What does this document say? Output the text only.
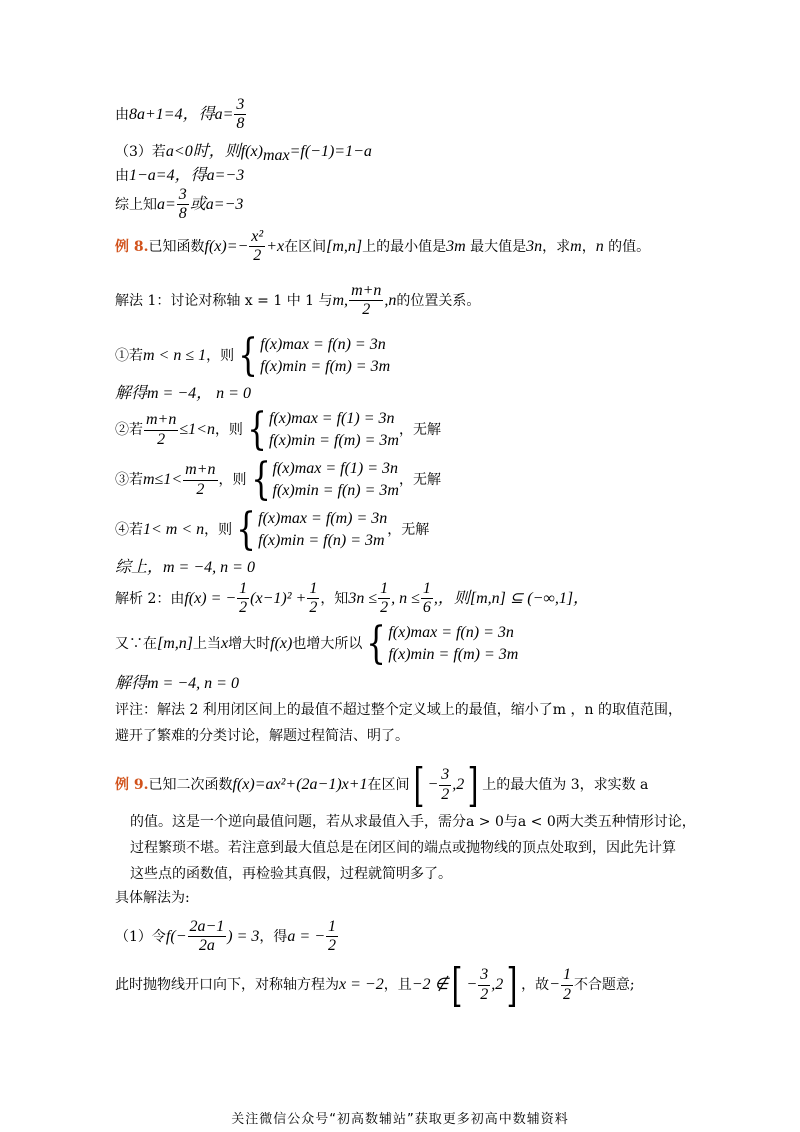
由8a+1=4，得$a= \frac{3}{8}$
（3）若a<0时，则$f(x)_{max}=f(-1)=1-a$
由1−a=4，得a=−3
综上知$a= \frac{3}{8}$ 或a=−3
例 8.已知函数$f(x)=- \frac{\text{x²}}{2} +x$在区间[m,n]上的最小值是3m 最大值是3n，求m，n 的值。
解法 1：讨论对称轴 x = 1 中 1 与m, $\frac{m+n}{2} ,n$的位置关系。
①若m < n ≤ 1，则{ f(x)max = f(n) = 3n
f(x)min = f(m) = 3m
解得m = −4， n = 0
②若 $\frac{m+n}{2} \le 1<n$，则{ f(x)max = f(1) = 3n
f(x)min = f(m) = 3m
，无解
③若$m\le 1< \frac{m+n}{2}$ ，则{ f(x)max = f(1) = 3n
f(x)min = f(n) = 3m
，无解
④若1< m < n，则{ f(x)max = f(m) = 3n
f(x)min = f(n) = 3m
，无解
综上，m = −4, n = 0
解析 2：由f(x) = − $\frac{1}{2} (x-1)^2 + \frac{1}{2}$ ，知$3n \le \frac{1}{2}$ , $n \le \frac{1}{6}$ ,，则[m,n] ⊆ (−∞,1]，
又∵在[m,n]上当x增大时f(x)也增大所以{ f(x)max = f(n) = 3n
f(x)min = f(m) = 3m
解得m = −4, n = 0
评注：解法 2 利用闭区间上的最值不超过整个定义域上的最值，缩小了m ，n 的取值范围，
避开了繁难的分类讨论，解题过程简洁、明了。
例 9.已知二次函数f(x)=ax²+(2a−1)x+1在区间[ − $\frac{3}{2} ,2$] 上的最大值为 3，求实数 a
的值。这是一个逆向最值问题，若从求最值入手，需分a > 0与a < 0两大类五种情形讨论，
过程繁琐不堪。若注意到最大值总是在闭区间的端点或抛物线的顶点处取到，因此先计算
这些点的函数值，再检验其真假，过程就简明多了。
具体解法为:
（1）令$f(- \frac{2a-1}{2a}$ ) = 3，得a = − $\frac{1}{2}$
此时抛物线开口向下，对称轴方程为x = −2，且−2 ∉[ − $\frac{3}{2} ,2$] ，故− $\frac{1}{2}$ 不合题意;
关注微信公众号“初高数辅站”获取更多初高中数辅资料
